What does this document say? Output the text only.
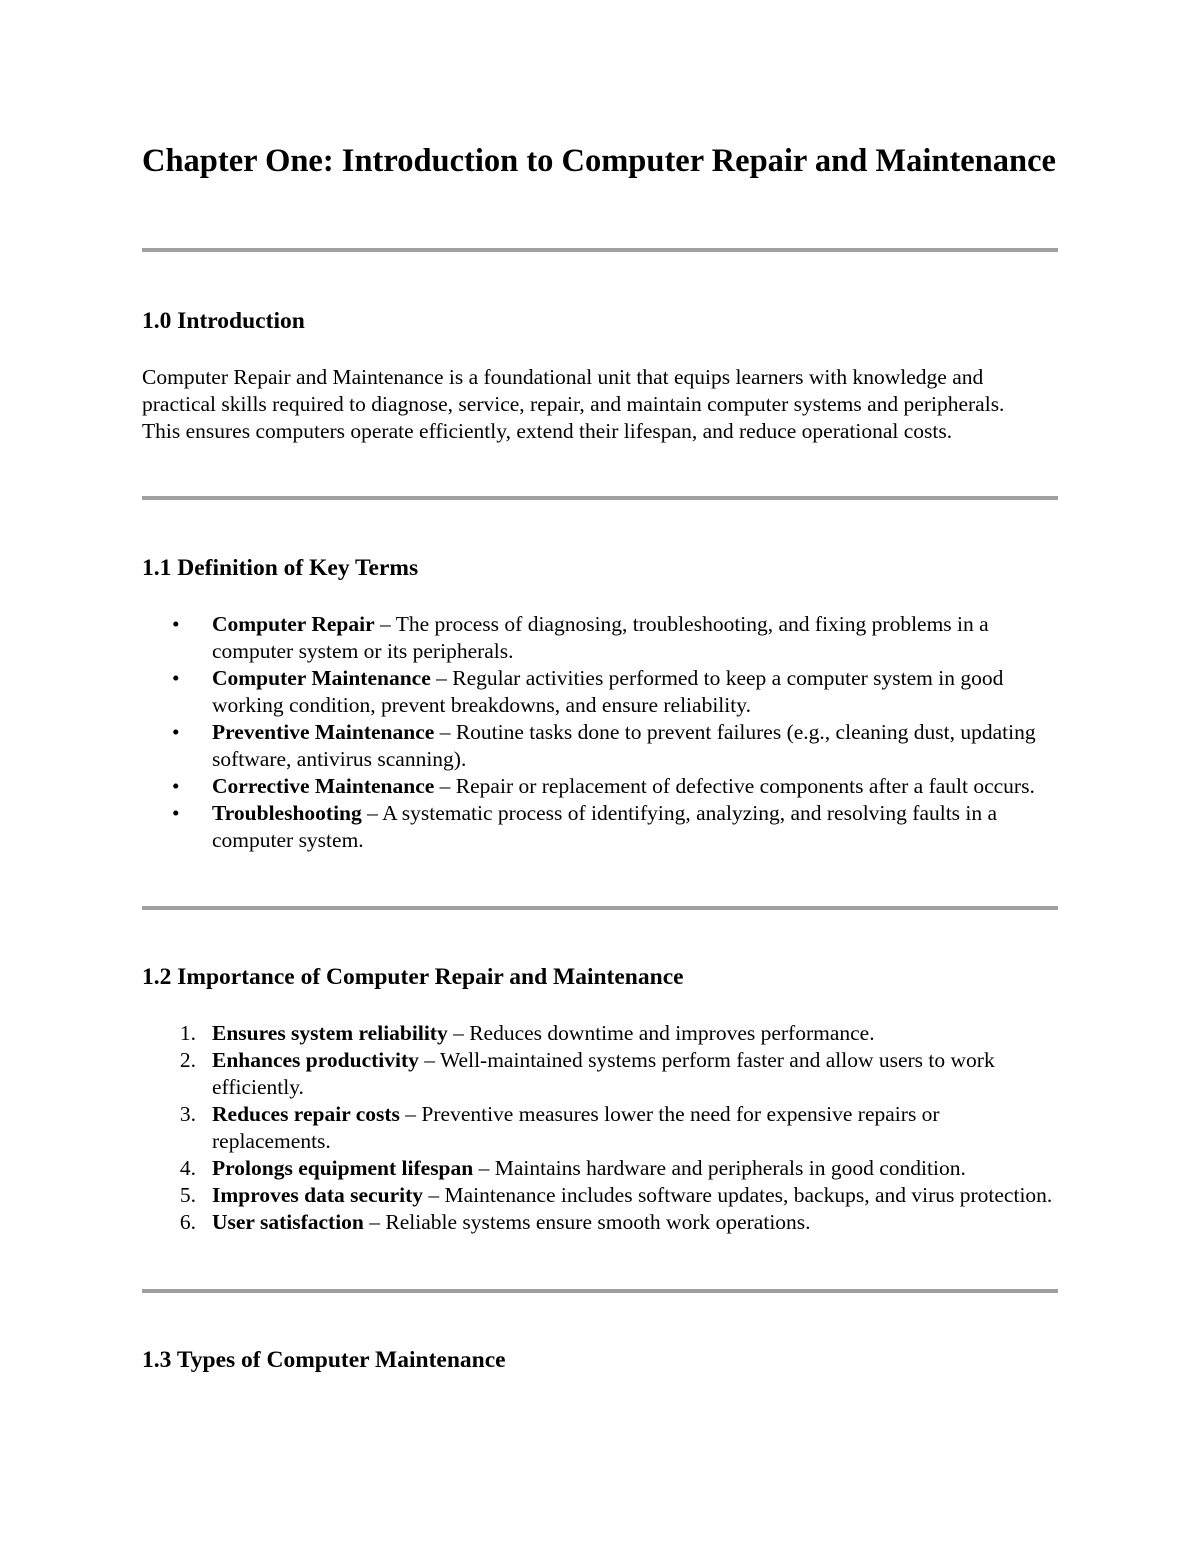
Chapter One: Introduction to Computer Repair and Maintenance
1.0 Introduction

Computer Repair and Maintenance is a foundational unit that equips learners with knowledge and practical skills required to diagnose, service, repair, and maintain computer systems and peripherals. This ensures computers operate efficiently, extend their lifespan, and reduce operational costs.

1.1 Definition of Key Terms
• Computer Repair – The process of diagnosing, troubleshooting, and fixing problems in a computer system or its peripherals.
• Computer Maintenance – Regular activities performed to keep a computer system in good working condition, prevent breakdowns, and ensure reliability.
• Preventive Maintenance – Routine tasks done to prevent failures (e.g., cleaning dust, updating software, antivirus scanning).
• Corrective Maintenance – Repair or replacement of defective components after a fault occurs.
• Troubleshooting – A systematic process of identifying, analyzing, and resolving faults in a computer system.
1.2 Importance of Computer Repair and Maintenance
1. Ensures system reliability – Reduces downtime and improves performance.
2. Enhances productivity – Well-maintained systems perform faster and allow users to work efficiently.
3. Reduces repair costs – Preventive measures lower the need for expensive repairs or replacements.
4. Prolongs equipment lifespan – Maintains hardware and peripherals in good condition.
5. Improves data security – Maintenance includes software updates, backups, and virus protection.
6. User satisfaction – Reliable systems ensure smooth work operations.
1.3 Types of Computer Maintenance
